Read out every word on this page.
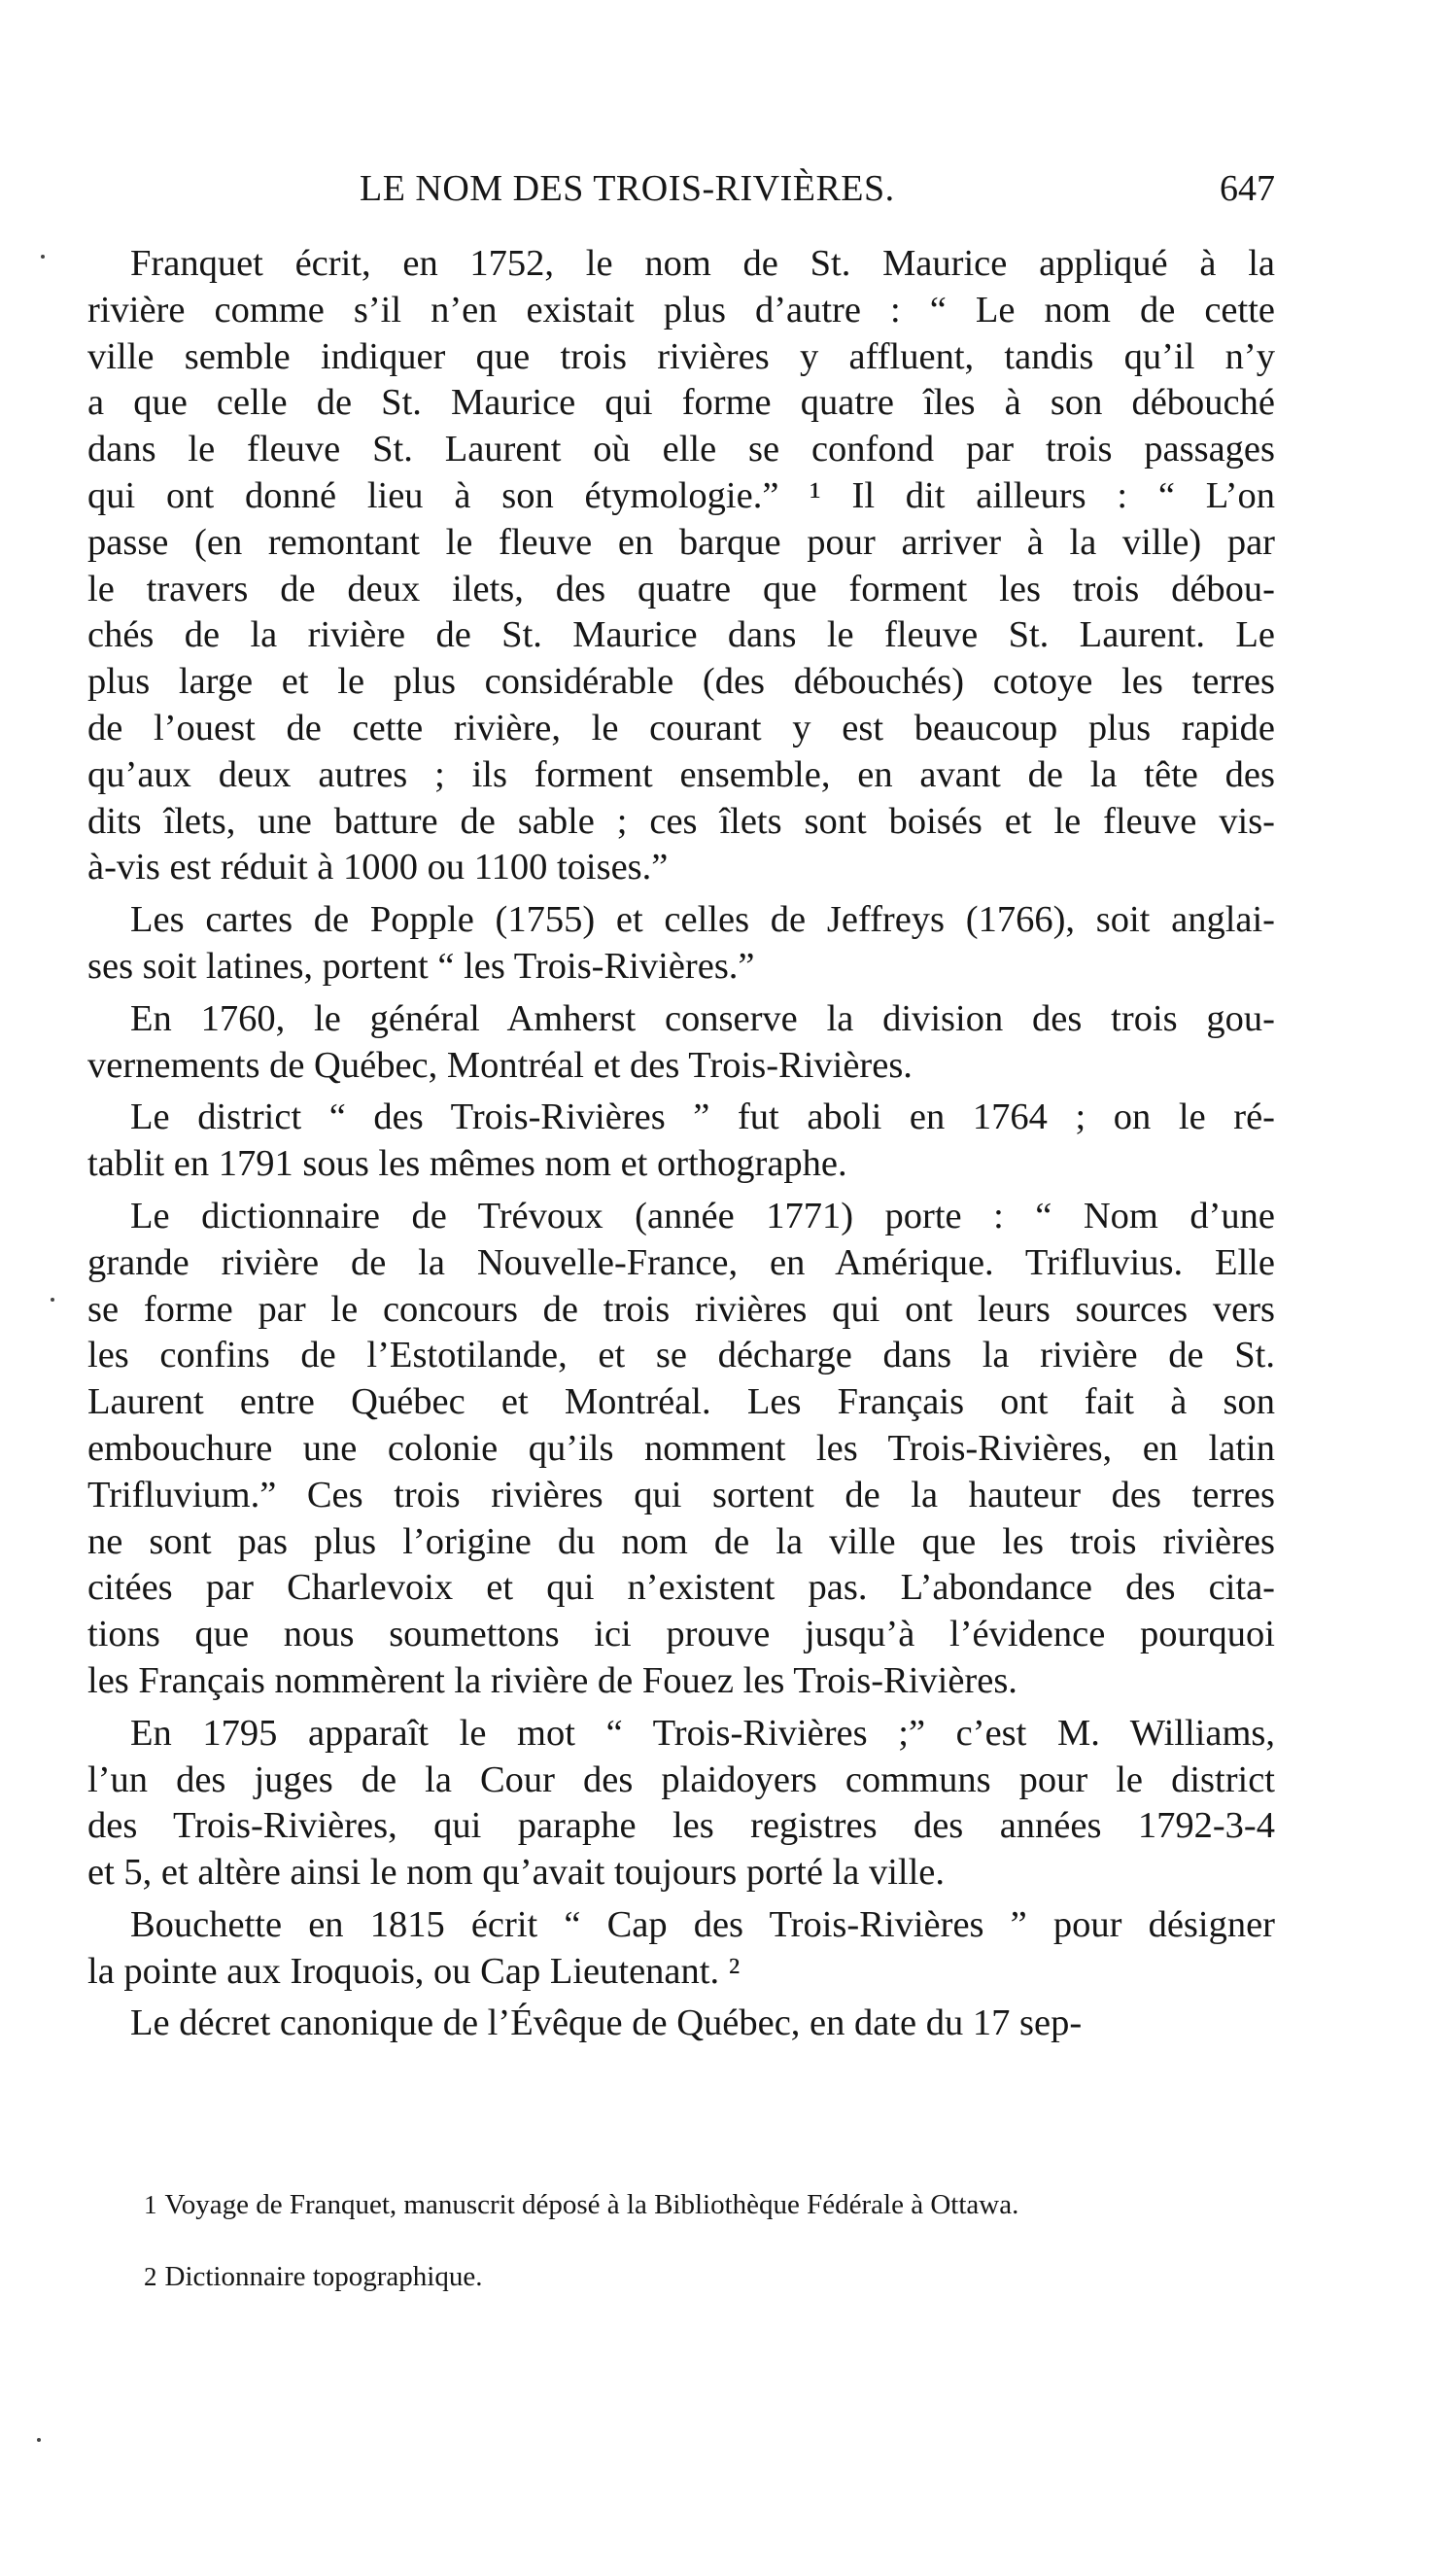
LE NOM DES TROIS-RIVIÈRES.	647
Franquet écrit, en 1752, le nom de St. Maurice appliqué à la
rivière comme s’il n’en existait plus d’autre : “ Le nom de cette
ville semble indiquer que trois rivières y affluent, tandis qu’il n’y
a que celle de St. Maurice qui forme quatre îles à son débouché
dans le fleuve St. Laurent où elle se confond par trois passages
qui ont donné lieu à son étymologie.” ¹ Il dit ailleurs : “ L’on
passe (en remontant le fleuve en barque pour arriver à la ville) par
le travers de deux ilets, des quatre que forment les trois débou-
chés de la rivière de St. Maurice dans le fleuve St. Laurent. Le
plus large et le plus considérable (des débouchés) cotoye les terres
de l’ouest de cette rivière, le courant y est beaucoup plus rapide
qu’aux deux autres ; ils forment ensemble, en avant de la tête des
dits îlets, une batture de sable ; ces îlets sont boisés et le fleuve vis-
à-vis est réduit à 1000 ou 1100 toises.”
Les cartes de Popple (1755) et celles de Jeffreys (1766), soit anglai-
ses soit latines, portent “ les Trois-Rivières.”
En 1760, le général Amherst conserve la division des trois gou-
vernements de Québec, Montréal et des Trois-Rivières.
Le district “ des Trois-Rivières ” fut aboli en 1764 ; on le ré-
tablit en 1791 sous les mêmes nom et orthographe.
Le dictionnaire de Trévoux (année 1771) porte : “ Nom d’une
grande rivière de la Nouvelle-France, en Amérique. Trifluvius. Elle
se forme par le concours de trois rivières qui ont leurs sources vers
les confins de l’Estotilande, et se décharge dans la rivière de St.
Laurent entre Québec et Montréal. Les Français ont fait à son
embouchure une colonie qu’ils nomment les Trois-Rivières, en latin
Trifluvium.” Ces trois rivières qui sortent de la hauteur des terres
ne sont pas plus l’origine du nom de la ville que les trois rivières
citées par Charlevoix et qui n’existent pas. L’abondance des cita-
tions que nous soumettons ici prouve jusqu’à l’évidence pourquoi
les Français nommèrent la rivière de Fouez les Trois-Rivières.
En 1795 apparaît le mot “ Trois-Rivières ;” c’est M. Williams,
l’un des juges de la Cour des plaidoyers communs pour le district
des Trois-Rivières, qui paraphe les registres des années 1792-3-4
et 5, et altère ainsi le nom qu’avait toujours porté la ville.
Bouchette en 1815 écrit “ Cap des Trois-Rivières ” pour désigner
la pointe aux Iroquois, ou Cap Lieutenant. ²
Le décret canonique de l’Évêque de Québec, en date du 17 sep-
1 Voyage de Franquet, manuscrit déposé à la Bibliothèque Fédérale à Ottawa.
2 Dictionnaire topographique.
